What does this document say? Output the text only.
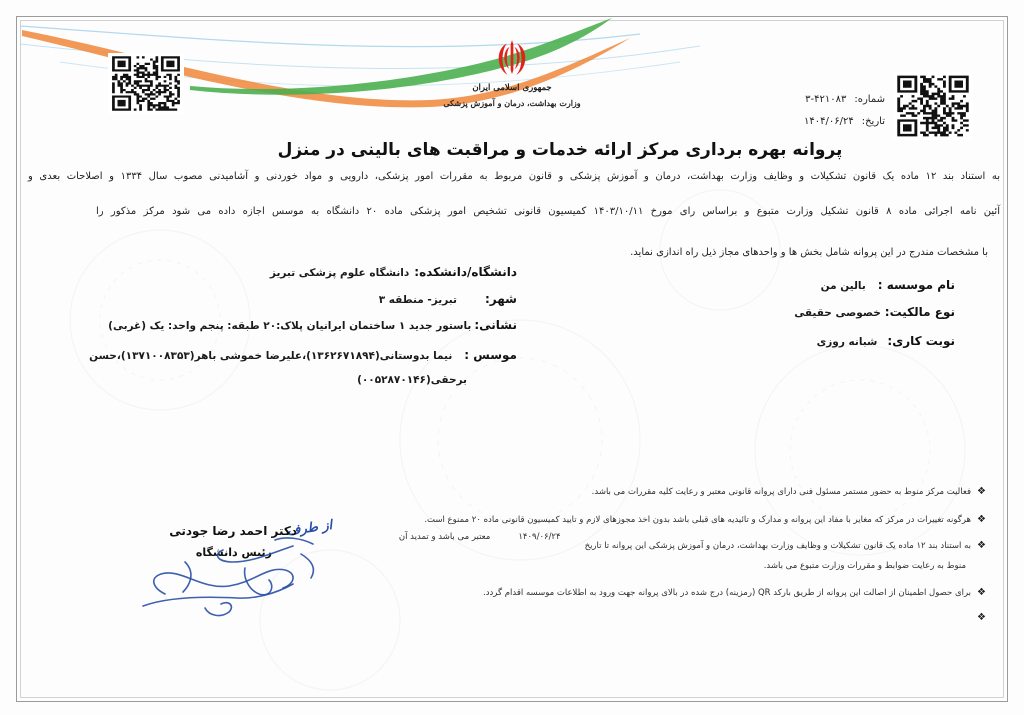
جمهوری اسلامی ایران
وزارت بهداشت، درمان و آموزش پزشکی	شماره:۳-۴۲۱۰۸۳
تاریخ:۱۴۰۴/۰۶/۲۴
پروانه بهره برداری مرکز ارائه خدمات و مراقبت های بالینی در منزل
به استناد بند ۱۲ ماده یک قانون تشکیلات و وظایف وزارت بهداشت، درمان و آموزش پزشکی و قانون مربوط به مقررات امور پزشکی، دارویی و مواد خوردنی و آشامیدنی مصوب سال ۱۳۳۴ و اصلاحات بعدی و
آئین نامه اجرائی ماده ۸ قانون تشکیل وزارت متبوع و براساس رای مورخ ۱۴۰۳/۱۰/۱۱ کمیسیون قانونی تشخیص امور پزشکی ماده ۲۰ دانشگاه به موسس اجازه داده می شود مرکز مذکور را
با مشخصات مندرج در این پروانه شامل بخش ها و واحدهای مجاز ذیل راه اندازی نماید.
نام موسسه :بالین من
نوع مالکیت:خصوصی حقیقی
نوبت کاری:شبانه روزی
دانشگاه/دانشکده:دانشگاه علوم پزشکی تبریز
شهر:تبریز- منطقه ۳
نشانی:باستور جدید ۱ ساختمان ایرانیان پلاک:۲۰ طبقه: پنجم واحد: یک (غربی)
موسس :نیما بدوستانی(۱۳۶۲۶۷۱۸۹۴)،علیرضا خموشی باهر(۱۳۷۱۰۰۸۳۵۳)،حسن
برحقی(۰۰۵۲۸۷۰۱۴۶)
❖فعالیت مرکز منوط به حضور مستمر مسئول فنی دارای پروانه قانونی معتبر و رعایت کلیه مقررات می باشد.
❖هرگونه تغییرات در مرکز که مغایر با مفاد این پروانه و مدارک و تائیدیه های قبلی باشد بدون اخذ مجوزهای لازم و تایید کمیسیون قانونی ماده ۲۰ ممنوع است.
❖به استناد بند ۱۲ ماده یک قانون تشکیلات و وظایف وزارت بهداشت، درمان و آموزش پزشکی این پروانه تا تاریخ۱۴۰۹/۰۶/۲۴معتبر می باشد و تمدید آن
منوط به رعایت ضوابط و مقررات وزارت متبوع می باشد.
❖برای حصول اطمینان از اصالت این پروانه از طریق بارکد QR (رمزینه) درج شده در بالای پروانه جهت ورود به اطلاعات موسسه اقدام گردد.
❖
از طرف
دکتر احمد رضا جودتی
رئیس دانشگاه
